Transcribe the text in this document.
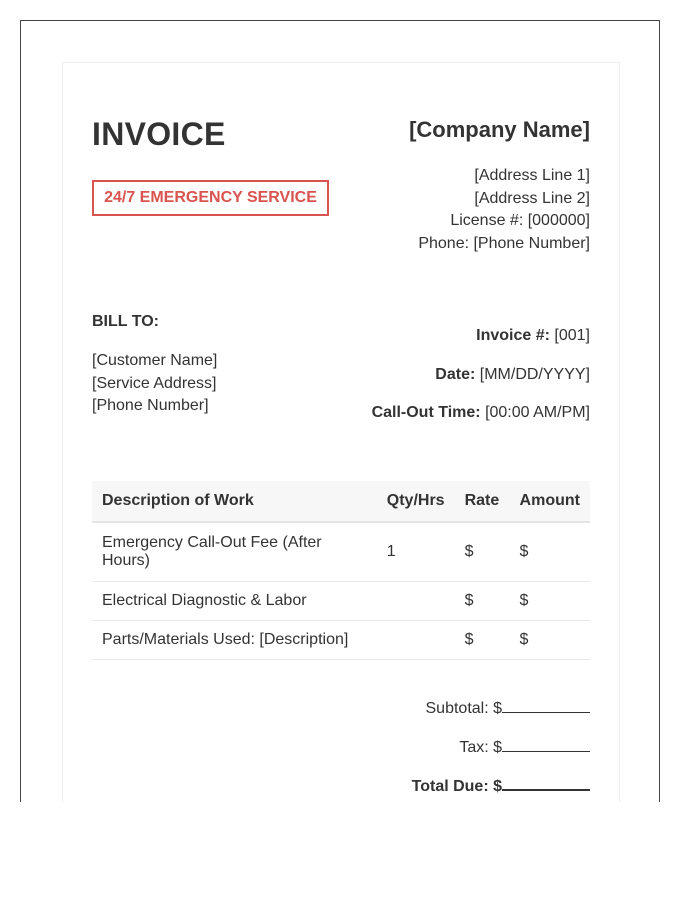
INVOICE
24/7 EMERGENCY SERVICE
[Company Name]
[Address Line 1]
[Address Line 2]
License #: [000000]
Phone: [Phone Number]
BILL TO:
[Customer Name]
[Service Address]
[Phone Number]
Invoice #: [001]
Date: [MM/DD/YYYY]
Call-Out Time: [00:00 AM/PM]
Description of Work	Qty/Hrs	Rate	Amount
Emergency Call-Out Fee (After Hours)	1	$	$
Electrical Diagnostic & Labor		$	$
Parts/Materials Used: [Description]		$	$
Subtotal: $
Tax: $
Total Due: $
